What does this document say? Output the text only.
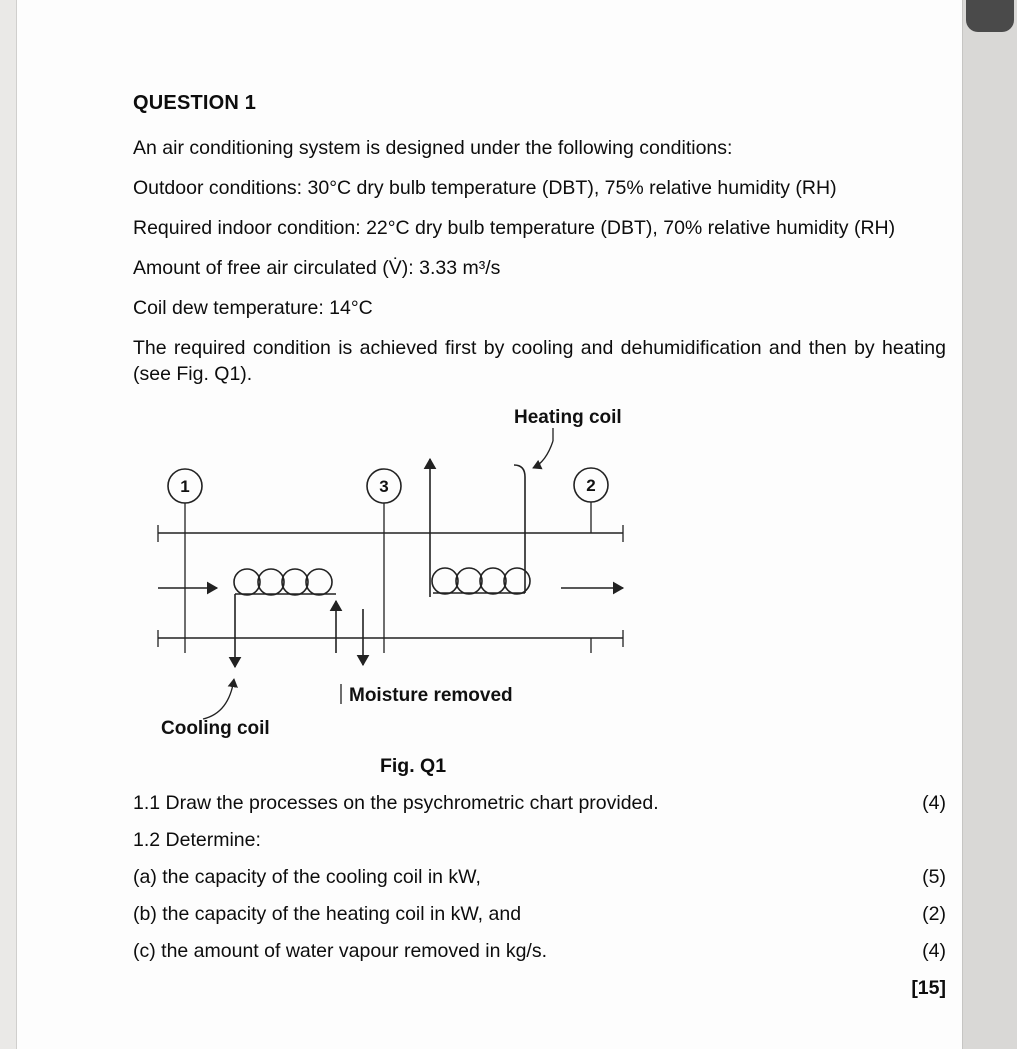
QUESTION 1

An air conditioning system is designed under the following conditions:

Outdoor conditions: 30°C dry bulb temperature (DBT), 75% relative humidity (RH)

Required indoor condition: 22°C dry bulb temperature (DBT), 70% relative humidity (RH)

Amount of free air circulated (V̇): 3.33 m³/s

Coil dew temperature: 14°C

The required condition is achieved first by cooling and dehumidification and then by heating (see Fig. Q1).

Heating coil
1	3	2
Moisture removed
Cooling coil
Fig. Q1
1.1 Draw the processes on the psychrometric chart provided.	(4)
1.2 Determine:
(a) the capacity of the cooling coil in kW,	(5)
(b) the capacity of the heating coil in kW, and	(2)
(c) the amount of water vapour removed in kg/s.	(4)
[15]
